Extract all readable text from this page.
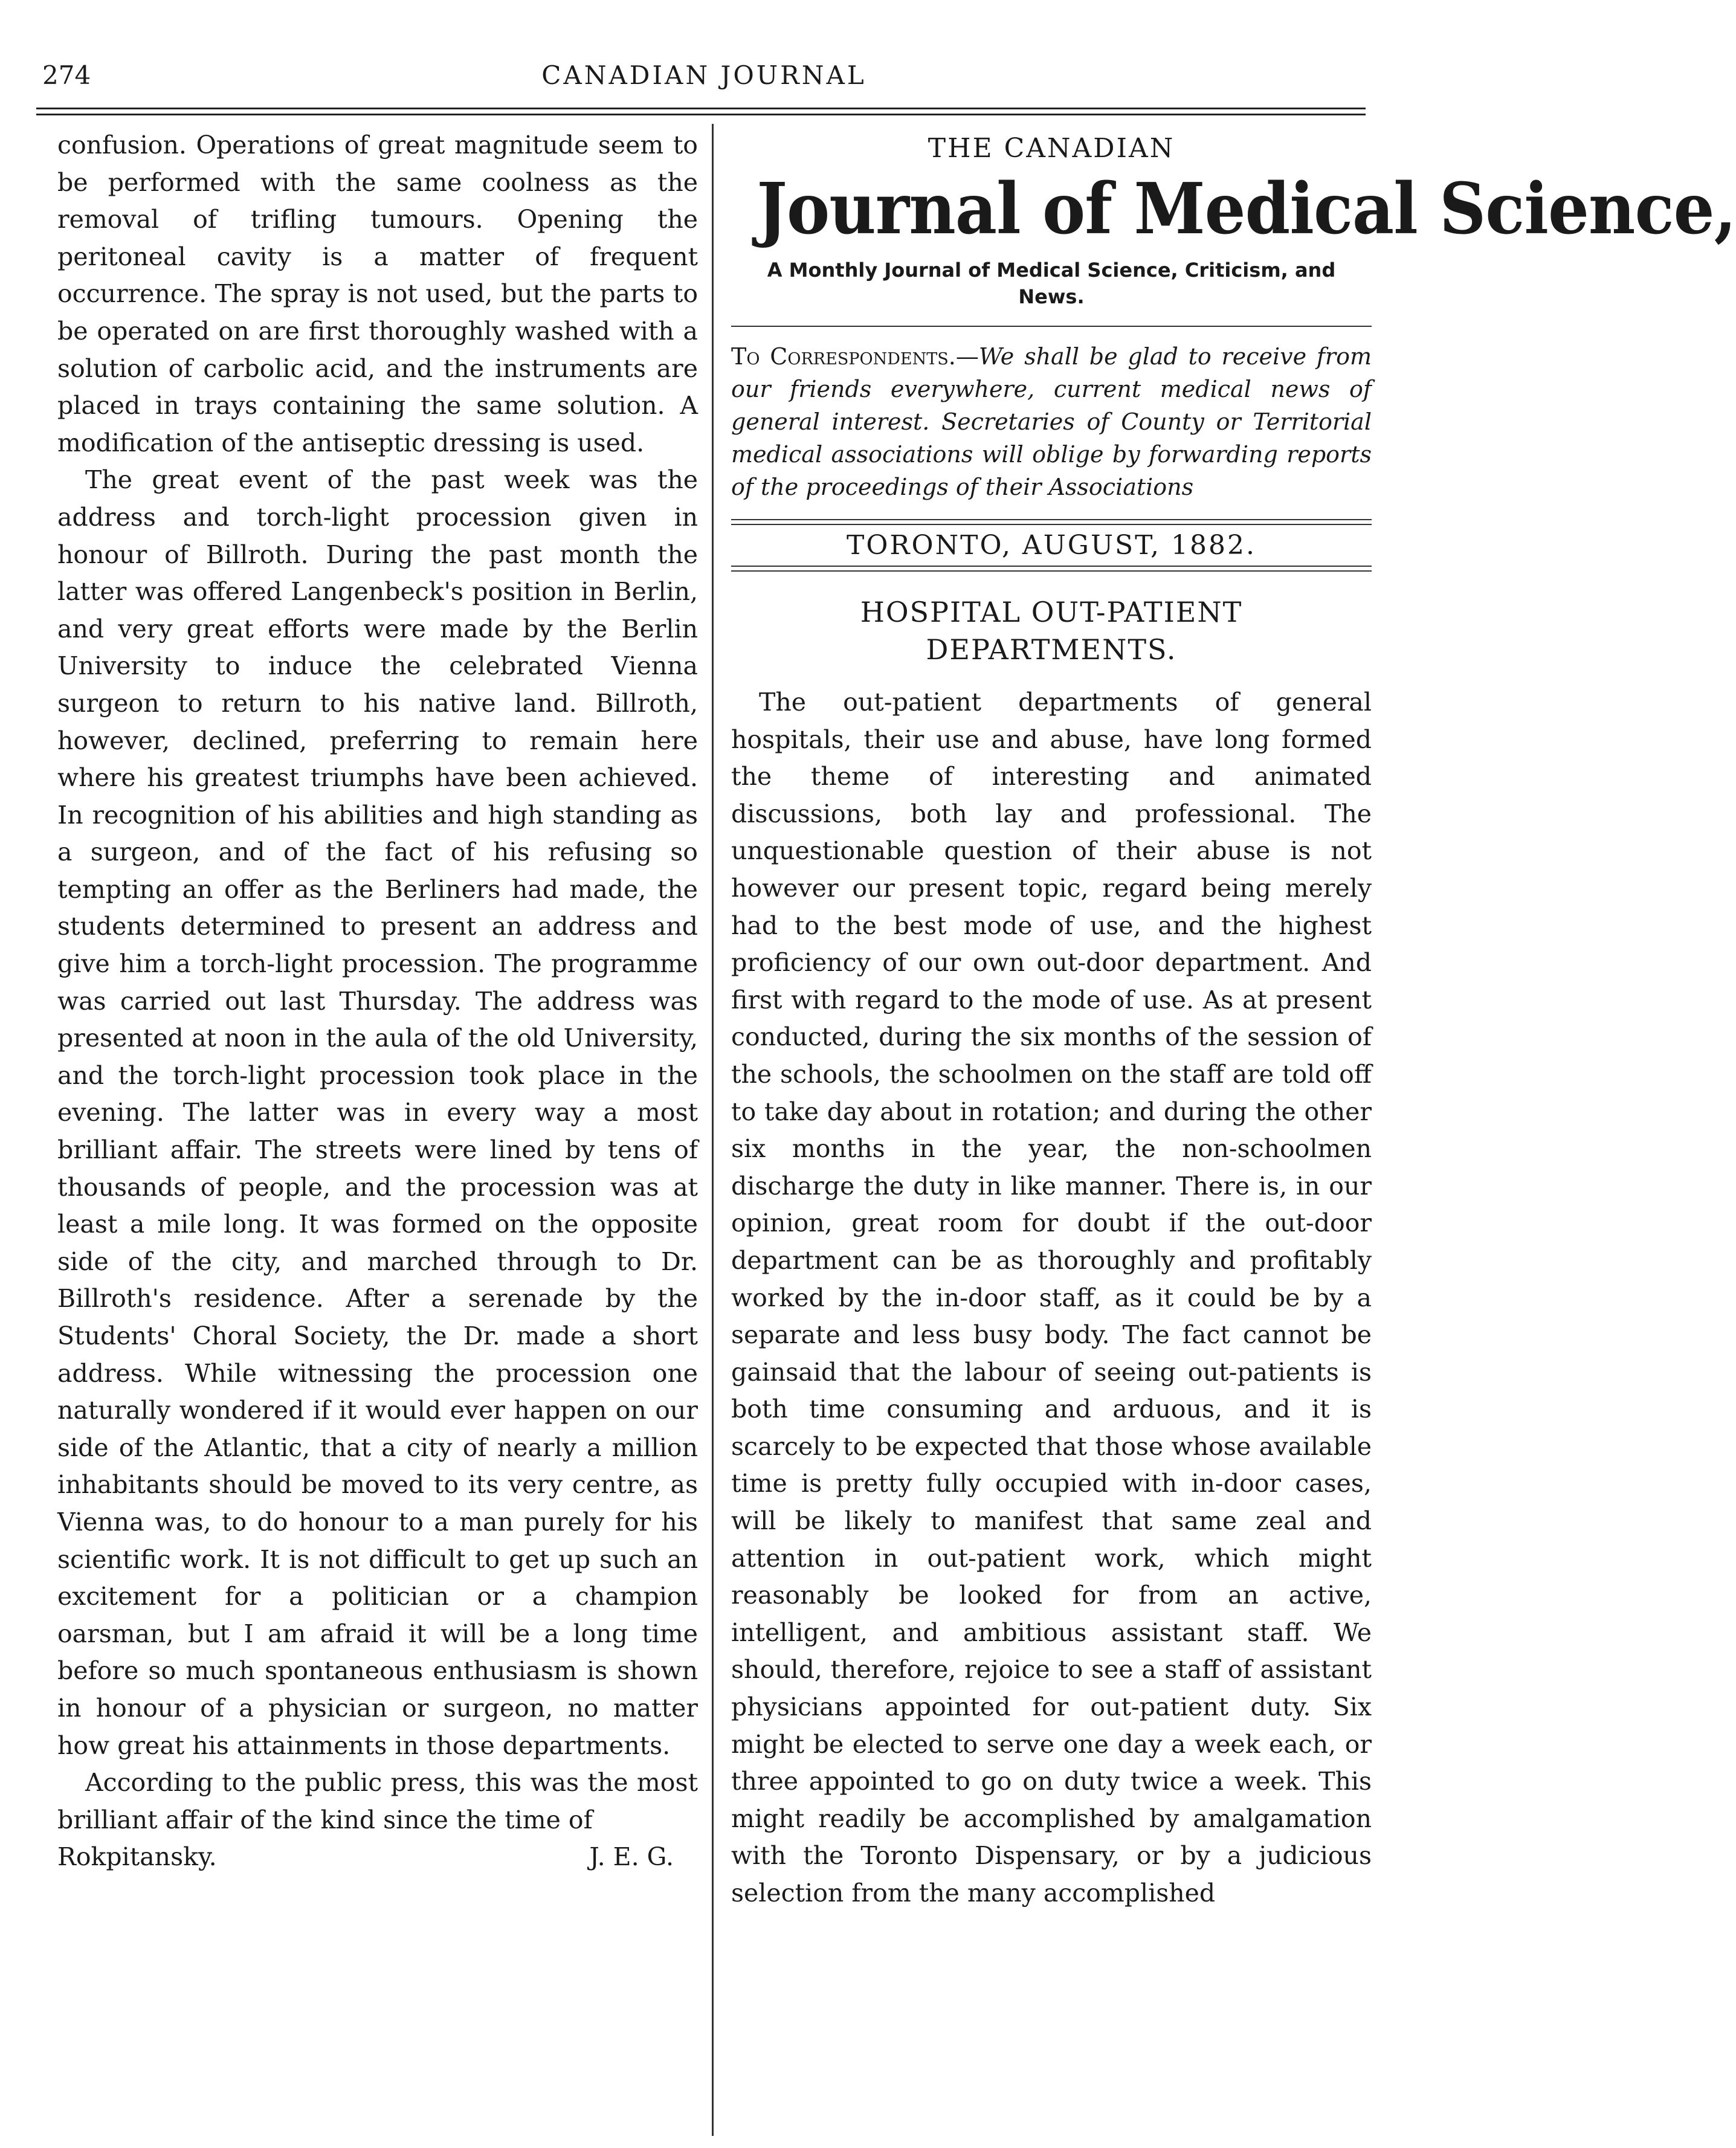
274	CANADIAN JOURNAL

confusion. Operations of great magnitude seem to be performed with the same coolness as the removal of trifling tumours. Opening the peritoneal cavity is a matter of frequent occurrence. The spray is not used, but the parts to be operated on are first thoroughly washed with a solution of carbolic acid, and the instruments are placed in trays containing the same solution. A modification of the antiseptic dressing is used.

The great event of the past week was the address and torch-light procession given in honour of Billroth. During the past month the latter was offered Langenbeck's position in Berlin, and very great efforts were made by the Berlin University to induce the celebrated Vienna surgeon to return to his native land. Billroth, however, declined, preferring to remain here where his greatest triumphs have been achieved. In recognition of his abilities and high standing as a surgeon, and of the fact of his refusing so tempting an offer as the Berliners had made, the students determined to present an address and give him a torch-light procession. The programme was carried out last Thursday. The address was presented at noon in the aula of the old University, and the torch-light procession took place in the evening. The latter was in every way a most brilliant affair. The streets were lined by tens of thousands of people, and the procession was at least a mile long. It was formed on the opposite side of the city, and marched through to Dr. Billroth's residence. After a serenade by the Students' Choral Society, the Dr. made a short address. While witnessing the procession one naturally wondered if it would ever happen on our side of the Atlantic, that a city of nearly a million inhabitants should be moved to its very centre, as Vienna was, to do honour to a man purely for his scientific work. It is not difficult to get up such an excitement for a politician or a champion oarsman, but I am afraid it will be a long time before so much spontaneous enthusiasm is shown in honour of a physician or surgeon, no matter how great his attainments in those departments.

According to the public press, this was the most brilliant affair of the kind since the time of

Rokpitansky.	J. E. G.

THE CANADIAN
Journal of Medical Science,
A Monthly Journal of Medical Science, Criticism, and News.
To Correspondents.—We shall be glad to receive from our friends everywhere, current medical news of general interest. Secretaries of County or Territorial medical associations will oblige by forwarding reports of the proceedings of their Associations
TORONTO, AUGUST, 1882.
HOSPITAL OUT-PATIENT DEPARTMENTS.

The out-patient departments of general hospitals, their use and abuse, have long formed the theme of interesting and animated discussions, both lay and professional. The unquestionable question of their abuse is not however our present topic, regard being merely had to the best mode of use, and the highest proficiency of our own out-door department. And first with regard to the mode of use. As at present conducted, during the six months of the session of the schools, the schoolmen on the staff are told off to take day about in rotation; and during the other six months in the year, the non-schoolmen discharge the duty in like manner. There is, in our opinion, great room for doubt if the out-door department can be as thoroughly and profitably worked by the in-door staff, as it could be by a separate and less busy body. The fact cannot be gainsaid that the labour of seeing out-patients is both time consuming and arduous, and it is scarcely to be expected that those whose available time is pretty fully occupied with in-door cases, will be likely to manifest that same zeal and attention in out-patient work, which might reasonably be looked for from an active, intelligent, and ambitious assistant staff. We should, therefore, rejoice to see a staff of assistant physicians appointed for out-patient duty. Six might be elected to serve one day a week each, or three appointed to go on duty twice a week. This might readily be accomplished by amalgamation with the Toronto Dispensary, or by a judicious selection from the many accomplished
